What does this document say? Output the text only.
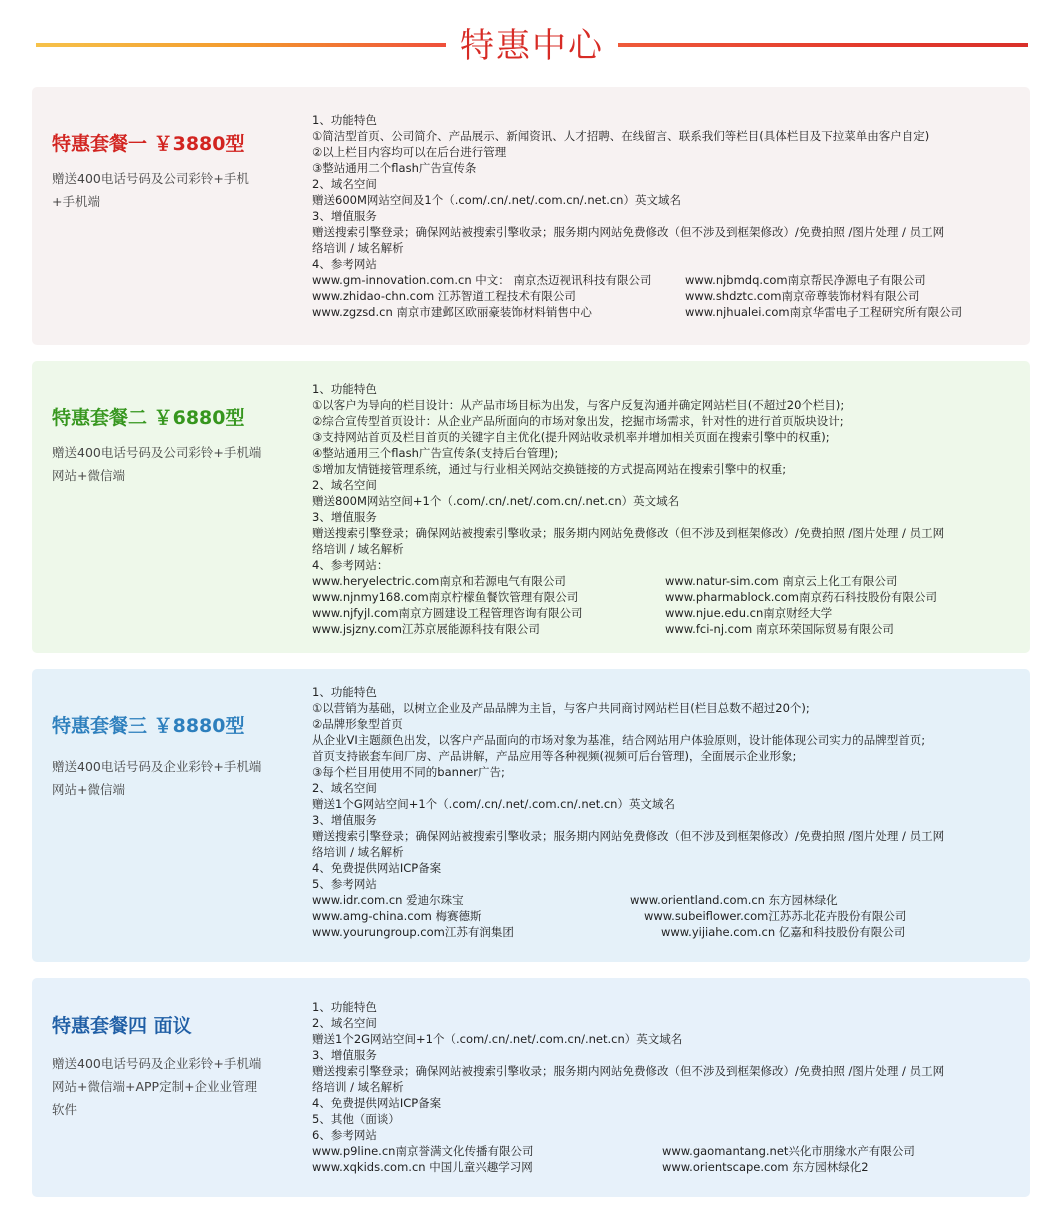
特惠中心
特惠套餐一 ￥3880型
赠送400电话号码及公司彩铃+手机+手机端
1、功能特色
①简洁型首页、公司简介、产品展示、新闻资讯、人才招聘、在线留言、联系我们等栏目(具体栏目及下拉菜单由客户自定)
②以上栏目内容均可以在后台进行管理
③整站通用二个flash广告宣传条
2、域名空间
赠送600M网站空间及1个（.com/.cn/.net/.com.cn/.net.cn）英文域名
3、增值服务
赠送搜索引擎登录；确保网站被搜索引擎收录；服务期内网站免费修改（但不涉及到框架修改）/免费拍照 /图片处理 / 员工网
络培训 / 域名解析
4、参考网站
www.gm-innovation.com.cn 中文： 南京杰迈视讯科技有限公司	www.njbmdq.com南京帮民净源电子有限公司
www.zhidao-chn.com 江苏智道工程技术有限公司	www.shdztc.com南京帝尊装饰材料有限公司
www.zgzsd.cn 南京市建邺区欧丽豪装饰材料销售中心	www.njhualei.com南京华雷电子工程研究所有限公司
特惠套餐二 ￥6880型
赠送400电话号码及公司彩铃+手机端网站+微信端
1、功能特色
①以客户为导向的栏目设计：从产品市场目标为出发，与客户反复沟通并确定网站栏目(不超过20个栏目);
②综合宣传型首页设计：从企业产品所面向的市场对象出发，挖掘市场需求，针对性的进行首页版块设计;
③支持网站首页及栏目首页的关键字自主优化(提升网站收录机率并增加相关页面在搜索引擎中的权重);
④整站通用三个flash广告宣传条(支持后台管理);
⑤增加友情链接管理系统，通过与行业相关网站交换链接的方式提高网站在搜索引擎中的权重;
2、域名空间
赠送800M网站空间+1个（.com/.cn/.net/.com.cn/.net.cn）英文域名
3、增值服务
赠送搜索引擎登录；确保网站被搜索引擎收录；服务期内网站免费修改（但不涉及到框架修改）/免费拍照 /图片处理 / 员工网
络培训 / 域名解析
4、参考网站：
www.heryelectric.com南京和若源电气有限公司	www.natur-sim.com 南京云上化工有限公司
www.njnmy168.com南京柠檬鱼餐饮管理有限公司	www.pharmablock.com南京药石科技股份有限公司
www.njfyjl.com南京方圆建设工程管理咨询有限公司	www.njue.edu.cn南京财经大学
www.jsjzny.com江苏京展能源科技有限公司	www.fci-nj.com 南京环荣国际贸易有限公司
特惠套餐三 ￥8880型
赠送400电话号码及企业彩铃+手机端网站+微信端
1、功能特色
①以营销为基础，以树立企业及产品品牌为主旨，与客户共同商讨网站栏目(栏目总数不超过20个);
②品牌形象型首页
从企业VI主题颜色出发，以客户产品面向的市场对象为基准，结合网站用户体验原则，设计能体现公司实力的品牌型首页;
首页支持嵌套车间厂房、产品讲解，产品应用等各种视频(视频可后台管理)，全面展示企业形象;
③每个栏目用使用不同的banner广告;
2、域名空间
赠送1个G网站空间+1个（.com/.cn/.net/.com.cn/.net.cn）英文域名
3、增值服务
赠送搜索引擎登录；确保网站被搜索引擎收录；服务期内网站免费修改（但不涉及到框架修改）/免费拍照 /图片处理 / 员工网
络培训 / 域名解析
4、免费提供网站ICP备案
5、参考网站
www.idr.com.cn 爱迪尔珠宝	www.orientland.com.cn 东方园林绿化
www.amg-china.com 梅赛德斯	www.subeiflower.com江苏苏北花卉股份有限公司
www.yourungroup.com江苏有润集团	www.yijiahe.com.cn 亿嘉和科技股份有限公司
特惠套餐四 面议
赠送400电话号码及企业彩铃+手机端网站+微信端+APP定制+企业业管理软件
1、功能特色
2、域名空间
赠送1个2G网站空间+1个（.com/.cn/.net/.com.cn/.net.cn）英文域名
3、增值服务
赠送搜索引擎登录；确保网站被搜索引擎收录；服务期内网站免费修改（但不涉及到框架修改）/免费拍照 /图片处理 / 员工网
络培训 / 域名解析
4、免费提供网站ICP备案
5、其他（面谈）
6、参考网站
www.p9line.cn南京誉满文化传播有限公司	www.gaomantang.net兴化市朋缘水产有限公司
www.xqkids.com.cn 中国儿童兴趣学习网	www.orientscape.com 东方园林绿化2
